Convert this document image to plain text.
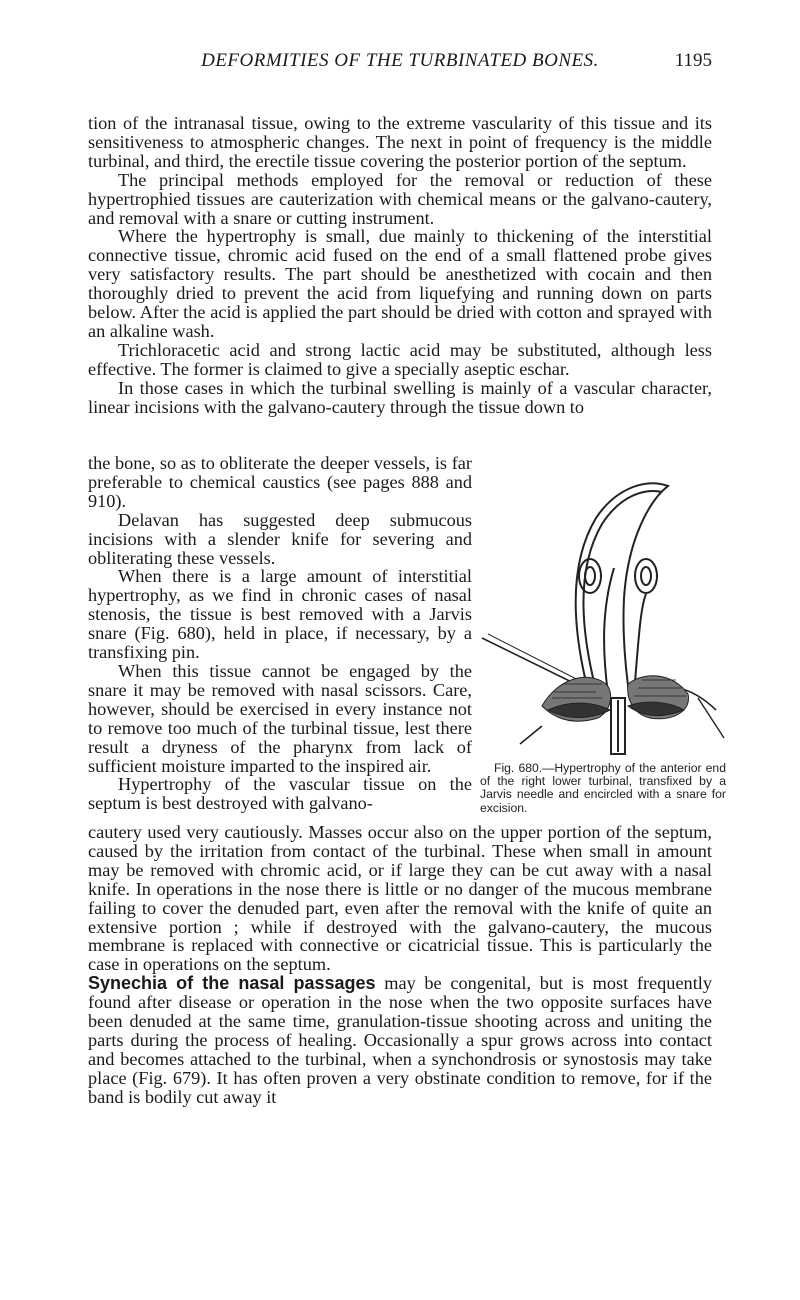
DEFORMITIES OF THE TURBINATED BONES.	1195

tion of the intranasal tissue, owing to the extreme vascularity of this tissue and its sensitiveness to atmospheric changes. The next in point of frequency is the middle turbinal, and third, the erectile tissue covering the posterior portion of the septum.

The principal methods employed for the removal or reduction of these hypertrophied tissues are cauterization with chemical means or the galvano-cautery, and removal with a snare or cutting instrument.

Where the hypertrophy is small, due mainly to thickening of the interstitial connective tissue, chromic acid fused on the end of a small flattened probe gives very satisfactory results. The part should be anesthetized with cocain and then thoroughly dried to prevent the acid from liquefying and running down on parts below. After the acid is applied the part should be dried with cotton and sprayed with an alkaline wash.

Trichloracetic acid and strong lactic acid may be substituted, although less effective. The former is claimed to give a specially aseptic eschar.

In those cases in which the turbinal swelling is mainly of a vascular character, linear incisions with the galvano-cautery through the tissue down to

the bone, so as to obliterate the deeper vessels, is far preferable to chemical caustics (see pages 888 and 910).

Delavan has suggested deep submucous incisions with a slender knife for severing and obliterating these vessels.

When there is a large amount of interstitial hypertrophy, as we find in chronic cases of nasal stenosis, the tissue is best removed with a Jarvis snare (Fig. 680), held in place, if necessary, by a transfixing pin.

When this tissue cannot be engaged by the snare it may be removed with nasal scissors. Care, however, should be exercised in every instance not to remove too much of the turbinal tissue, lest there result a dryness of the pharynx from lack of sufficient moisture imparted to the inspired air.

Hypertrophy of the vascular tissue on the septum is best destroyed with galvano-

Fig. 680.—Hypertrophy of the anterior end of the right lower turbinal, transfixed by a Jarvis needle and encircled with a snare for excision.

cautery used very cautiously. Masses occur also on the upper portion of the septum, caused by the irritation from contact of the turbinal. These when small in amount may be removed with chromic acid, or if large they can be cut away with a nasal knife. In operations in the nose there is little or no danger of the mucous membrane failing to cover the denuded part, even after the removal with the knife of quite an extensive portion ; while if destroyed with the galvano-cautery, the mucous membrane is replaced with connective or cicatricial tissue. This is particularly the case in operations on the septum.

Synechia of the nasal passages may be congenital, but is most frequently found after disease or operation in the nose when the two opposite surfaces have been denuded at the same time, granulation-tissue shooting across and uniting the parts during the process of healing. Occasionally a spur grows across into contact and becomes attached to the turbinal, when a synchondrosis or synostosis may take place (Fig. 679). It has often proven a very obstinate condition to remove, for if the band is bodily cut away it
